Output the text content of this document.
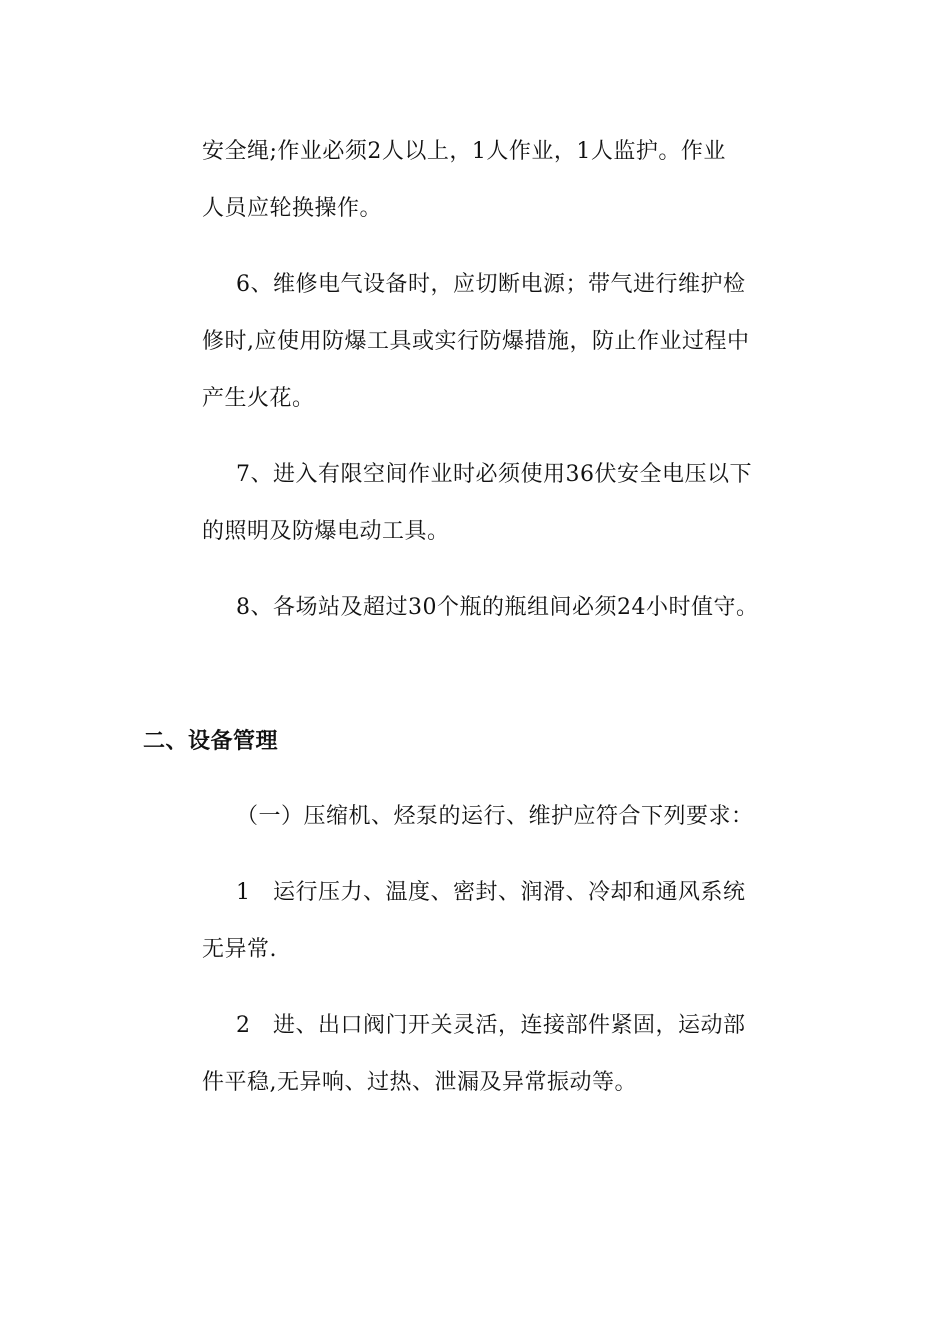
安全绳;作业必须2人以上，1人作业，1人监护。作业
人员应轮换操作。
6、维修电气设备时，应切断电源；带气进行维护检
修时,应使用防爆工具或实行防爆措施，防止作业过程中
产生火花。
7、进入有限空间作业时必须使用36伏安全电压以下
的照明及防爆电动工具。
8、各场站及超过30个瓶的瓶组间必须24小时值守。
二、设备管理
（一）压缩机、烃泵的运行、维护应符合下列要求：
1　运行压力、温度、密封、润滑、冷却和通风系统
无异常.
2　进、出口阀门开关灵活，连接部件紧固，运动部
件平稳,无异响、过热、泄漏及异常振动等。
